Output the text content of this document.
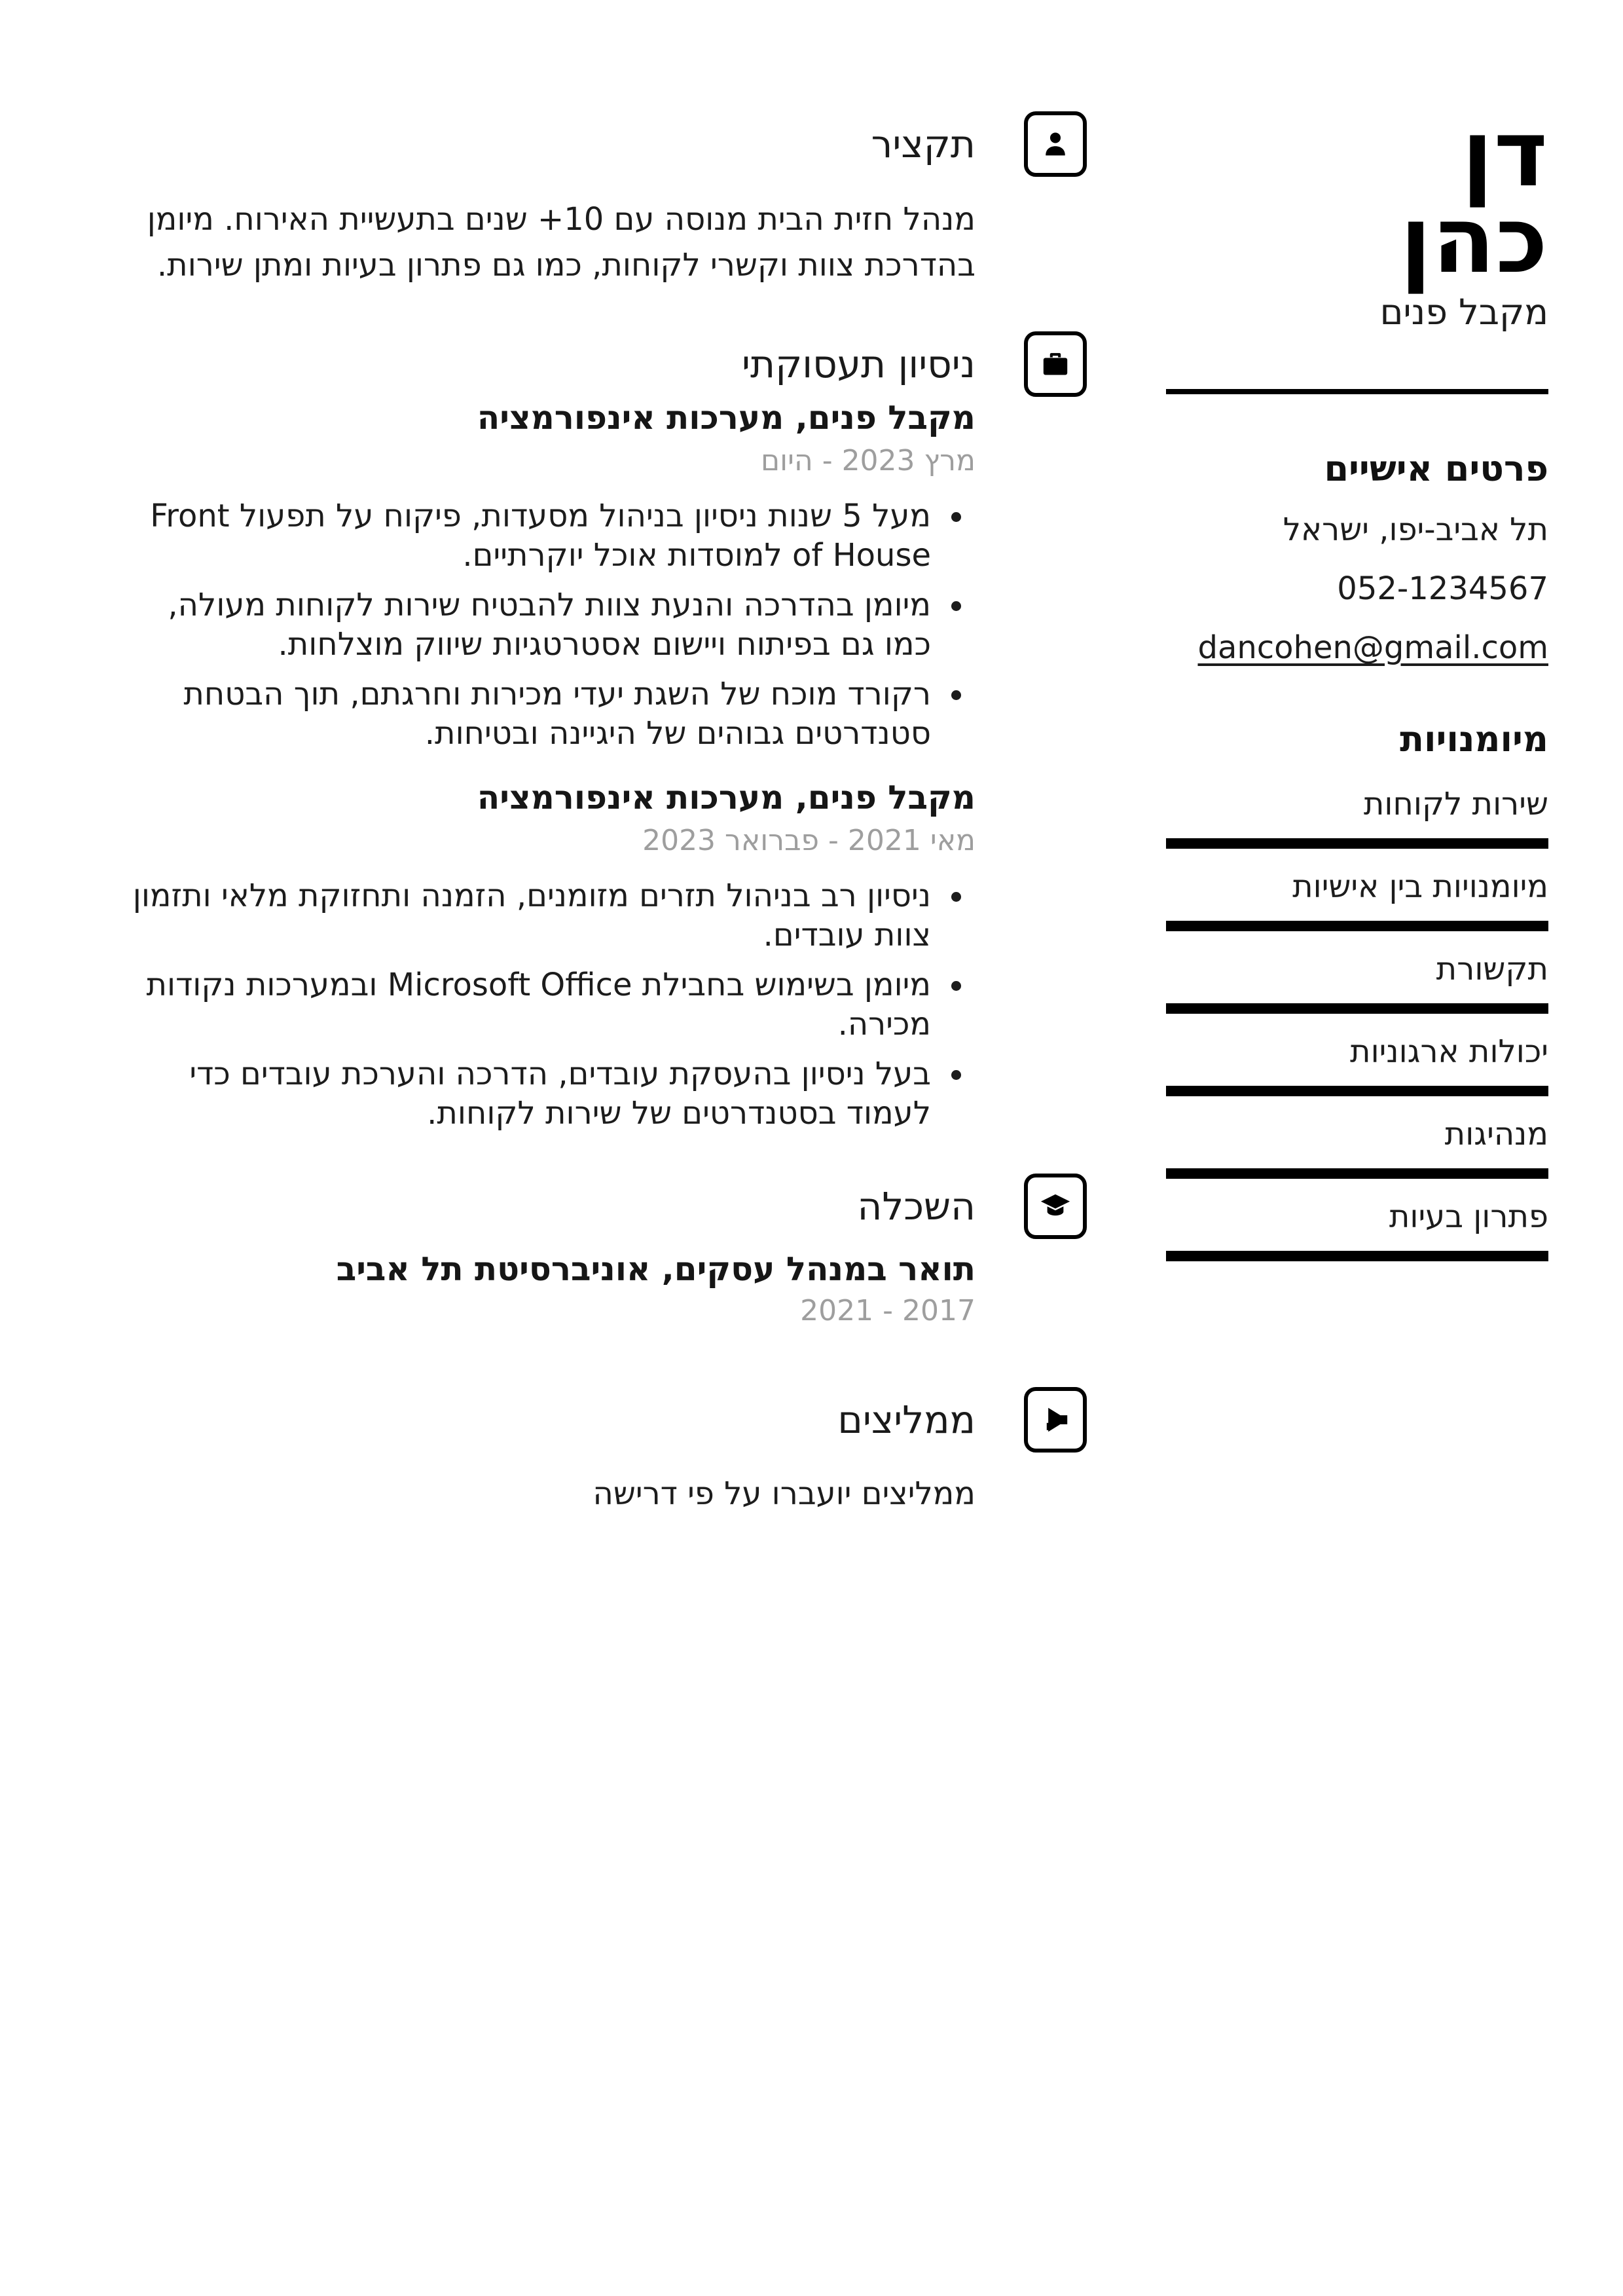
דן
כהן
מקבל פנים
פרטים אישיים
תל אביב-יפו, ישראל
052-1234567
dancohen@gmail.com
מיומנויות
שירות לקוחות
מיומנויות בין אישיות
תקשורת
יכולות ארגוניות
מנהיגות
פתרון בעיות
תקציר

מנהל חזית הבית מנוסה עם 10+ שנים בתעשיית האירוח. מיומן בהדרכת צוות וקשרי לקוחות, כמו גם פתרון בעיות ומתן שירות.

ניסיון תעסוקתי
מקבל פנים, מערכות אינפורמציה
מרץ 2023 - היום
• מעל 5 שנות ניסיון בניהול מסעדות, פיקוח על תפעול Front of House למוסדות אוכל יוקרתיים.
• מיומן בהדרכה והנעת צוות להבטיח שירות לקוחות מעולה, כמו גם בפיתוח ויישום אסטרטגיות שיווק מוצלחות.
• רקורד מוכח של השגת יעדי מכירות וחרגתם, תוך הבטחת סטנדרטים גבוהים של היגיינה ובטיחות.
מקבל פנים, מערכות אינפורמציה
מאי 2021 - פברואר 2023
• ניסיון רב בניהול תזרים מזומנים, הזמנה ותחזוקת מלאי ותזמון צוות עובדים.
• מיומן בשימוש בחבילת Microsoft Office ובמערכות נקודות מכירה.
• בעל ניסיון בהעסקת עובדים, הדרכה והערכת עובדים כדי לעמוד בסטנדרטים של שירות לקוחות.
השכלה
תואר במנהל עסקים, אוניברסיטת תל אביב
2017 - 2021
ממליצים

ממליצים יועברו על פי דרישה
